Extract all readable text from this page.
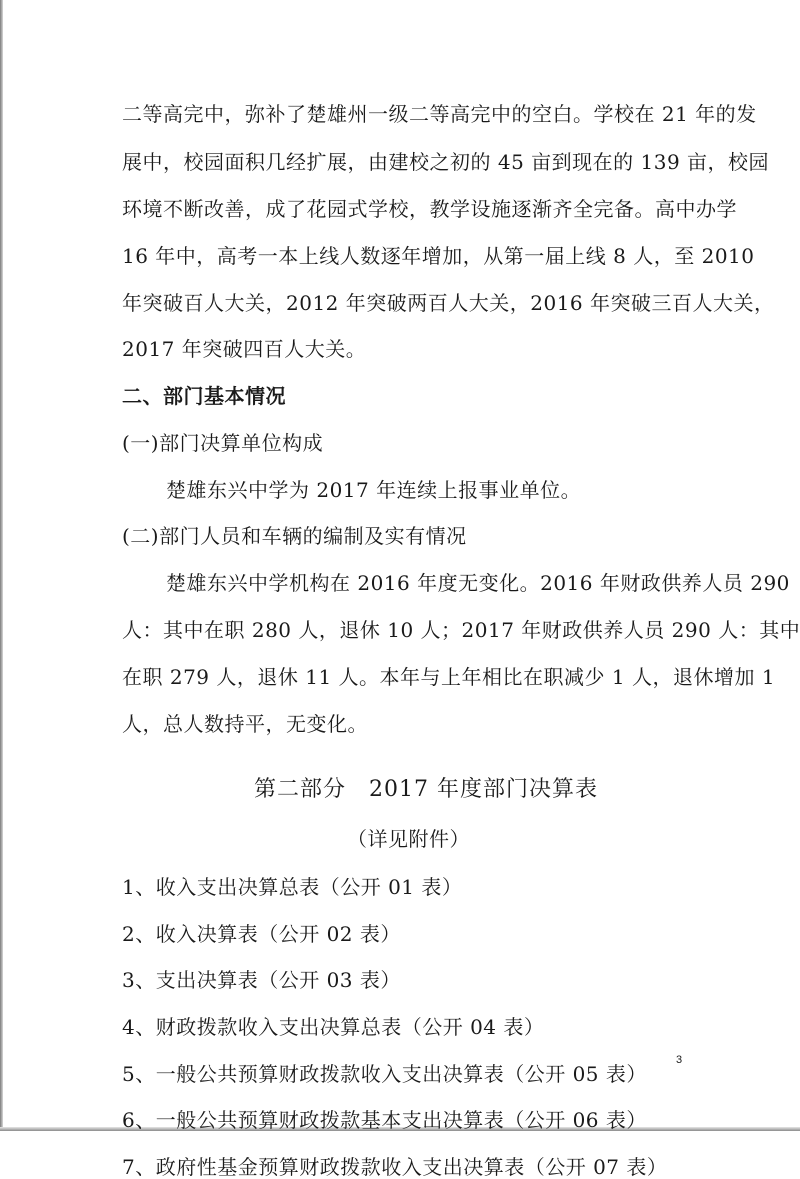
二等高完中，弥补了楚雄州一级二等高完中的空白。学校在 21 年的发
展中，校园面积几经扩展，由建校之初的 45 亩到现在的 139 亩，校园
环境不断改善，成了花园式学校，教学设施逐渐齐全完备。高中办学
16 年中，高考一本上线人数逐年增加，从第一届上线 8 人，至 2010
年突破百人大关，2012 年突破两百人大关，2016 年突破三百人大关，
2017 年突破四百人大关。
二、部门基本情况
(一)部门决算单位构成
楚雄东兴中学为 2017 年连续上报事业单位。
(二)部门人员和车辆的编制及实有情况
楚雄东兴中学机构在 2016 年度无变化。2016 年财政供养人员 290
人：其中在职 280 人，退休 10 人；2017 年财政供养人员 290 人：其中
在职 279 人，退休 11 人。本年与上年相比在职减少 1 人，退休增加 1
人，总人数持平，无变化。
第二部分　2017 年度部门决算表
（详见附件）
1、收入支出决算总表（公开 01 表）
2、收入决算表（公开 02 表）
3、支出决算表（公开 03 表）
4、财政拨款收入支出决算总表（公开 04 表）
5、一般公共预算财政拨款收入支出决算表（公开 05 表）
6、一般公共预算财政拨款基本支出决算表（公开 06 表）
7、政府性基金预算财政拨款收入支出决算表（公开 07 表）
3
